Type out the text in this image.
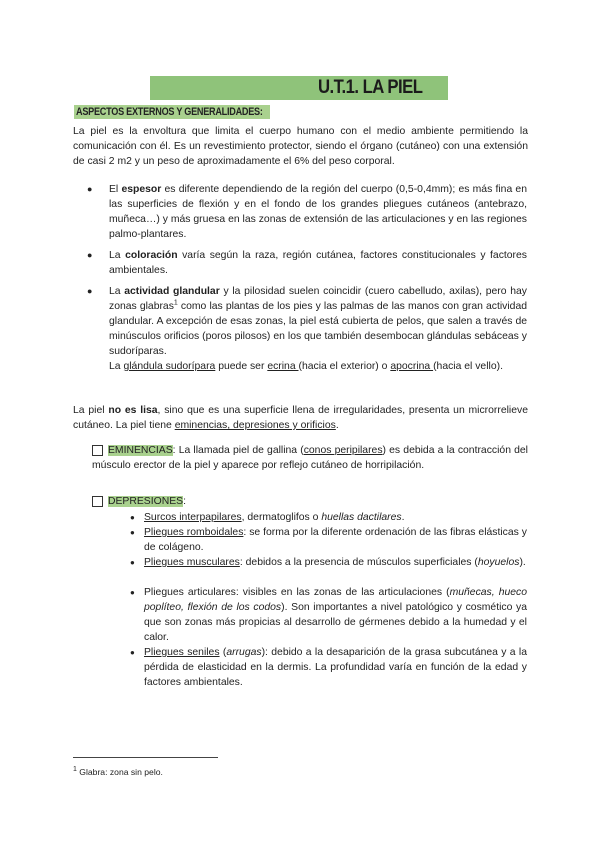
U.T.1. LA PIEL
ASPECTOS EXTERNOS Y GENERALIDADES:
La piel es la envoltura que limita el cuerpo humano con el medio ambiente permitiendo la comunicación con él. Es un revestimiento protector, siendo el órgano (cutáneo) con una extensión de casi 2 m2 y un peso de aproximadamente el 6% del peso corporal.
● El espesor es diferente dependiendo de la región del cuerpo (0,5-0,4mm); es más fina en las superficies de flexión y en el fondo de los grandes pliegues cutáneos (antebrazo, muñeca…) y más gruesa en las zonas de extensión de las articulaciones y en las regiones palmo-plantares.
● La coloración varía según la raza, región cutánea, factores constitucionales y factores ambientales.
● La actividad glandular y la pilosidad suelen coincidir (cuero cabelludo, axilas), pero hay zonas glabras$^1$ como las plantas de los pies y las palmas de las manos con gran actividad glandular. A excepción de esas zonas, la piel está cubierta de pelos, que salen a través de minúsculos orificios (poros pilosos) en los que también desembocan glándulas sebáceas y sudoríparas.
La glándula sudorípara puede ser ecrina (hacia el exterior) o apocrina (hacia el vello).
La piel no es lisa, sino que es una superficie llena de irregularidades, presenta un microrrelieve cutáneo. La piel tiene eminencias, depresiones y orificios.
EMINENCIAS: La llamada piel de gallina (conos peripilares) es debida a la contracción del músculo erector de la piel y aparece por reflejo cutáneo de horripilación.
DEPRESIONES:
● Surcos interpapilares, dermatoglifos o huellas dactilares.
● Pliegues romboidales: se forma por la diferente ordenación de las fibras elásticas y de colágeno.
● Pliegues musculares: debidos a la presencia de músculos superficiales (hoyuelos).
● Pliegues articulares: visibles en las zonas de las articulaciones (muñecas, hueco poplíteo, flexión de los codos). Son importantes a nivel patológico y cosmético ya que son zonas más propicias al desarrollo de gérmenes debido a la humedad y el calor.
● Pliegues seniles (arrugas): debido a la desaparición de la grasa subcutánea y a la pérdida de elasticidad en la dermis. La profundidad varía en función de la edad y factores ambientales.
$^1$ Glabra: zona sin pelo.
